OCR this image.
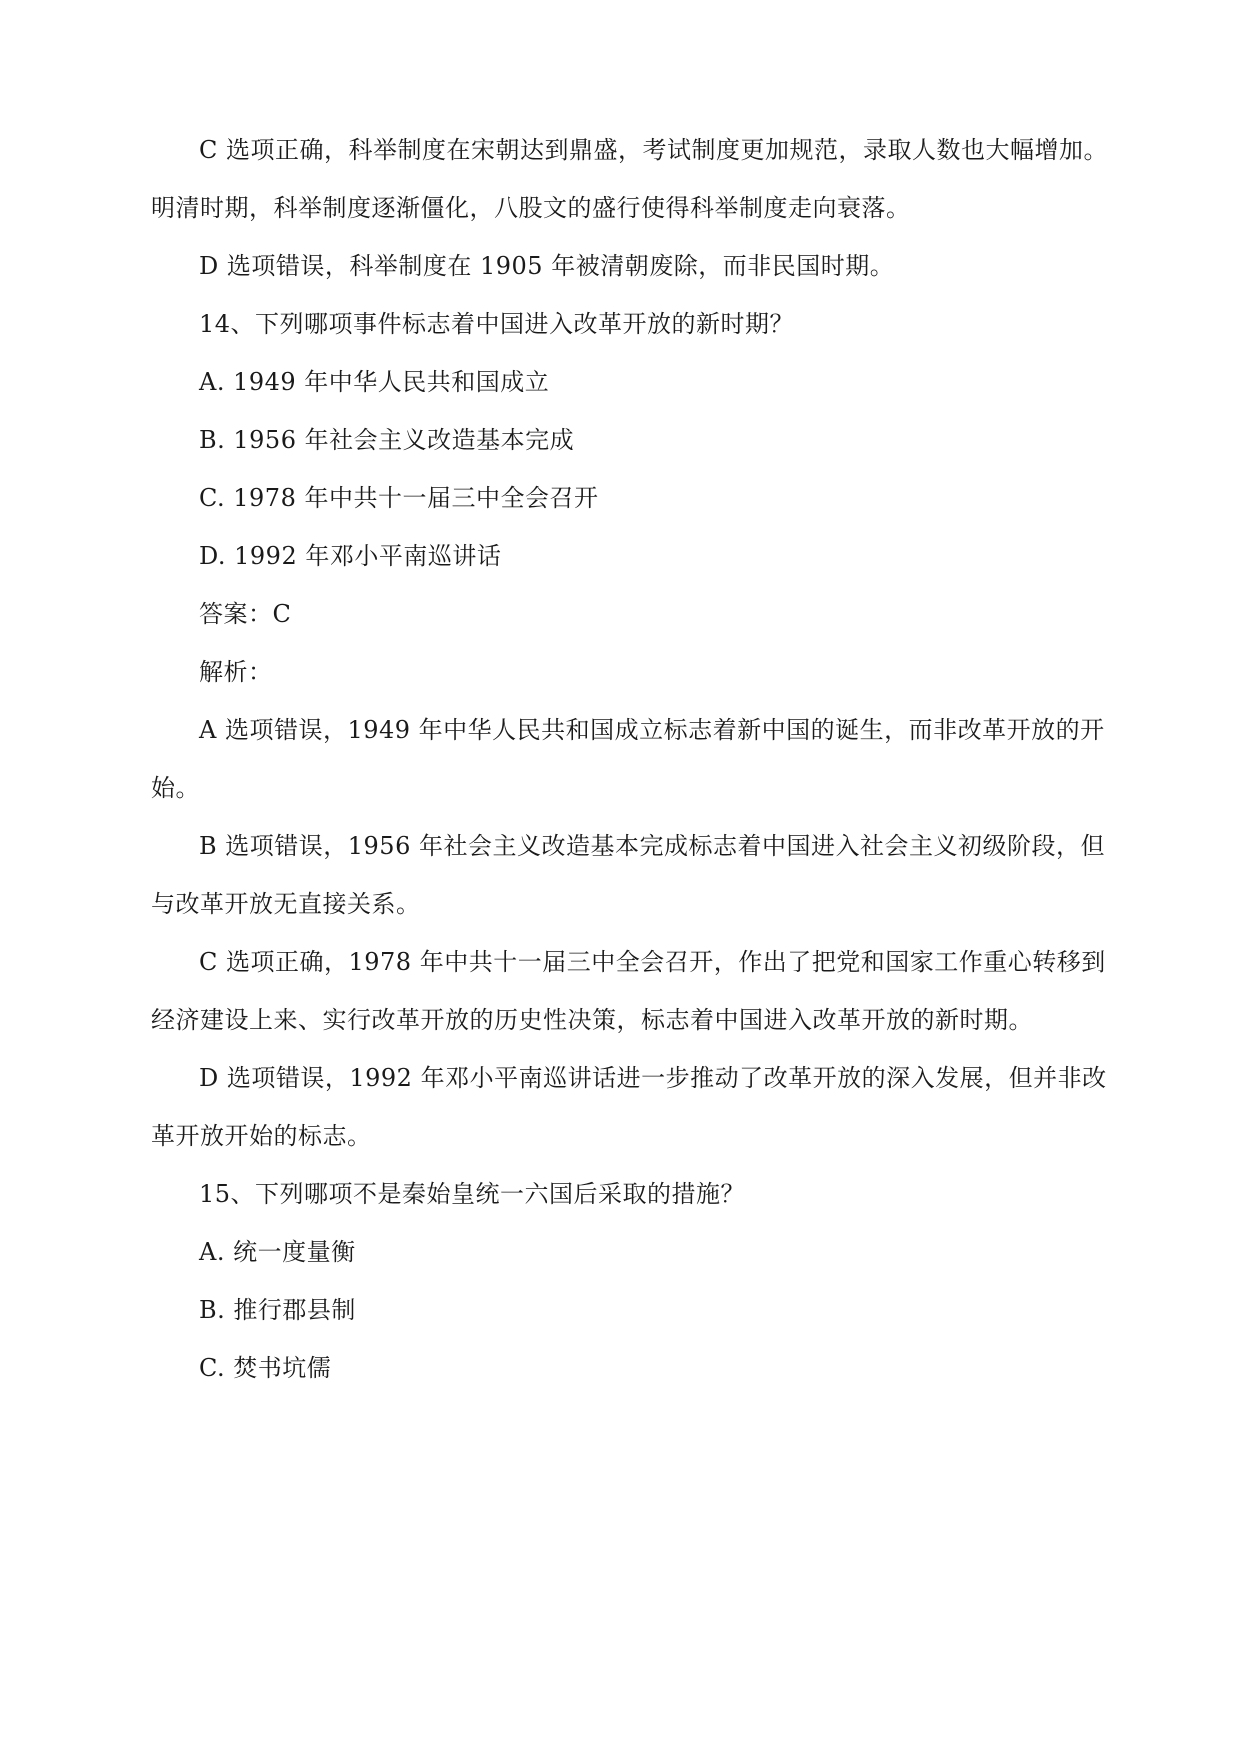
C 选项正确，科举制度在宋朝达到鼎盛，考试制度更加规范，录取人数也大幅增加。
明清时期，科举制度逐渐僵化，八股文的盛行使得科举制度走向衰落。
D 选项错误，科举制度在 1905 年被清朝废除，而非民国时期。
14、下列哪项事件标志着中国进入改革开放的新时期？
A. 1949 年中华人民共和国成立
B. 1956 年社会主义改造基本完成
C. 1978 年中共十一届三中全会召开
D. 1992 年邓小平南巡讲话
答案：C
解析：
A 选项错误，1949 年中华人民共和国成立标志着新中国的诞生，而非改革开放的开
始。
B 选项错误，1956 年社会主义改造基本完成标志着中国进入社会主义初级阶段，但
与改革开放无直接关系。
C 选项正确，1978 年中共十一届三中全会召开，作出了把党和国家工作重心转移到
经济建设上来、实行改革开放的历史性决策，标志着中国进入改革开放的新时期。
D 选项错误，1992 年邓小平南巡讲话进一步推动了改革开放的深入发展，但并非改
革开放开始的标志。
15、下列哪项不是秦始皇统一六国后采取的措施？
A. 统一度量衡
B. 推行郡县制
C. 焚书坑儒
